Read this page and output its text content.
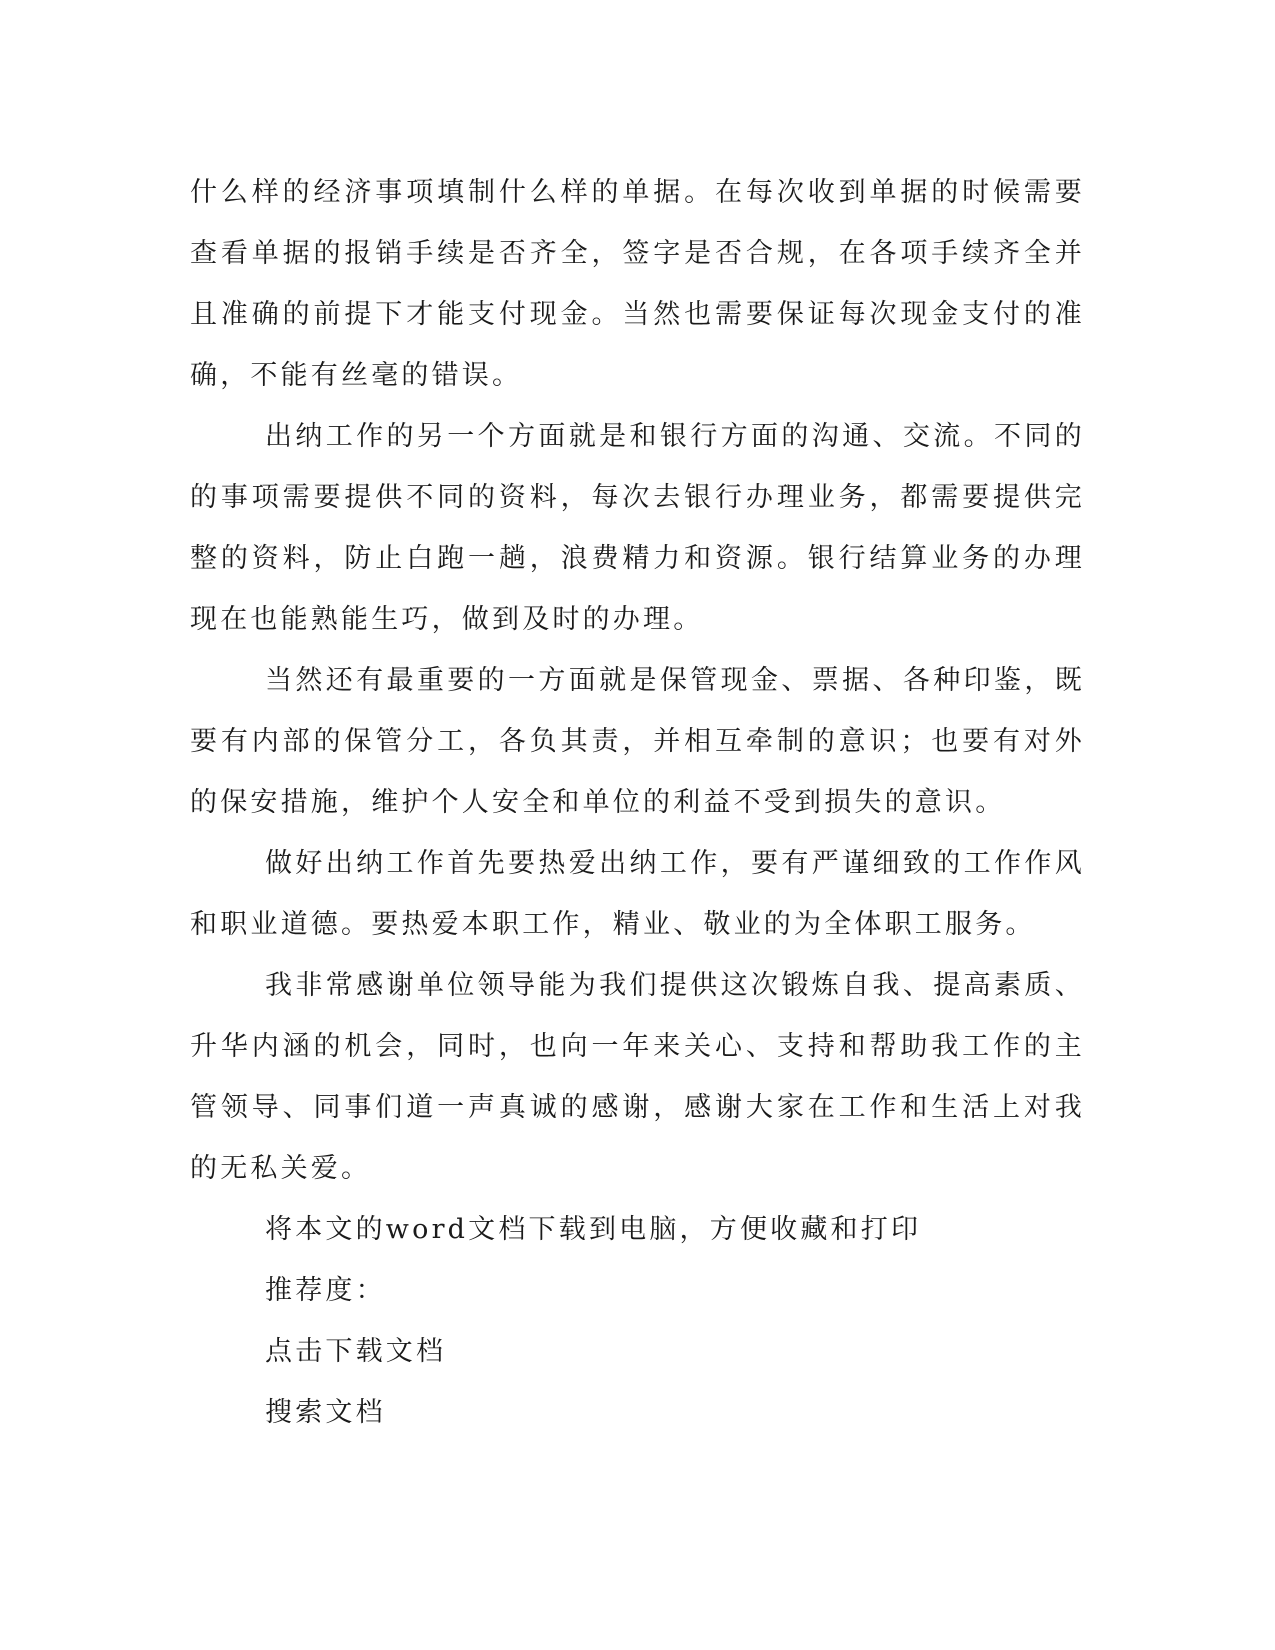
什么样的经济事项填制什么样的单据。在每次收到单据的时候需要查看单据的报销手续是否齐全，签字是否合规，在各项手续齐全并且准确的前提下才能支付现金。当然也需要保证每次现金支付的准确，不能有丝毫的错误。

出纳工作的另一个方面就是和银行方面的沟通、交流。不同的的事项需要提供不同的资料，每次去银行办理业务，都需要提供完整的资料，防止白跑一趟，浪费精力和资源。银行结算业务的办理现在也能熟能生巧，做到及时的办理。

当然还有最重要的一方面就是保管现金、票据、各种印鉴，既要有内部的保管分工，各负其责，并相互牵制的意识；也要有对外的保安措施，维护个人安全和单位的利益不受到损失的意识。

做好出纳工作首先要热爱出纳工作，要有严谨细致的工作作风和职业道德。要热爱本职工作，精业、敬业的为全体职工服务。

我非常感谢单位领导能为我们提供这次锻炼自我、提高素质、升华内涵的机会，同时，也向一年来关心、支持和帮助我工作的主管领导、同事们道一声真诚的感谢，感谢大家在工作和生活上对我的无私关爱。

将本文的word文档下载到电脑，方便收藏和打印

推荐度：

点击下载文档

搜索文档
